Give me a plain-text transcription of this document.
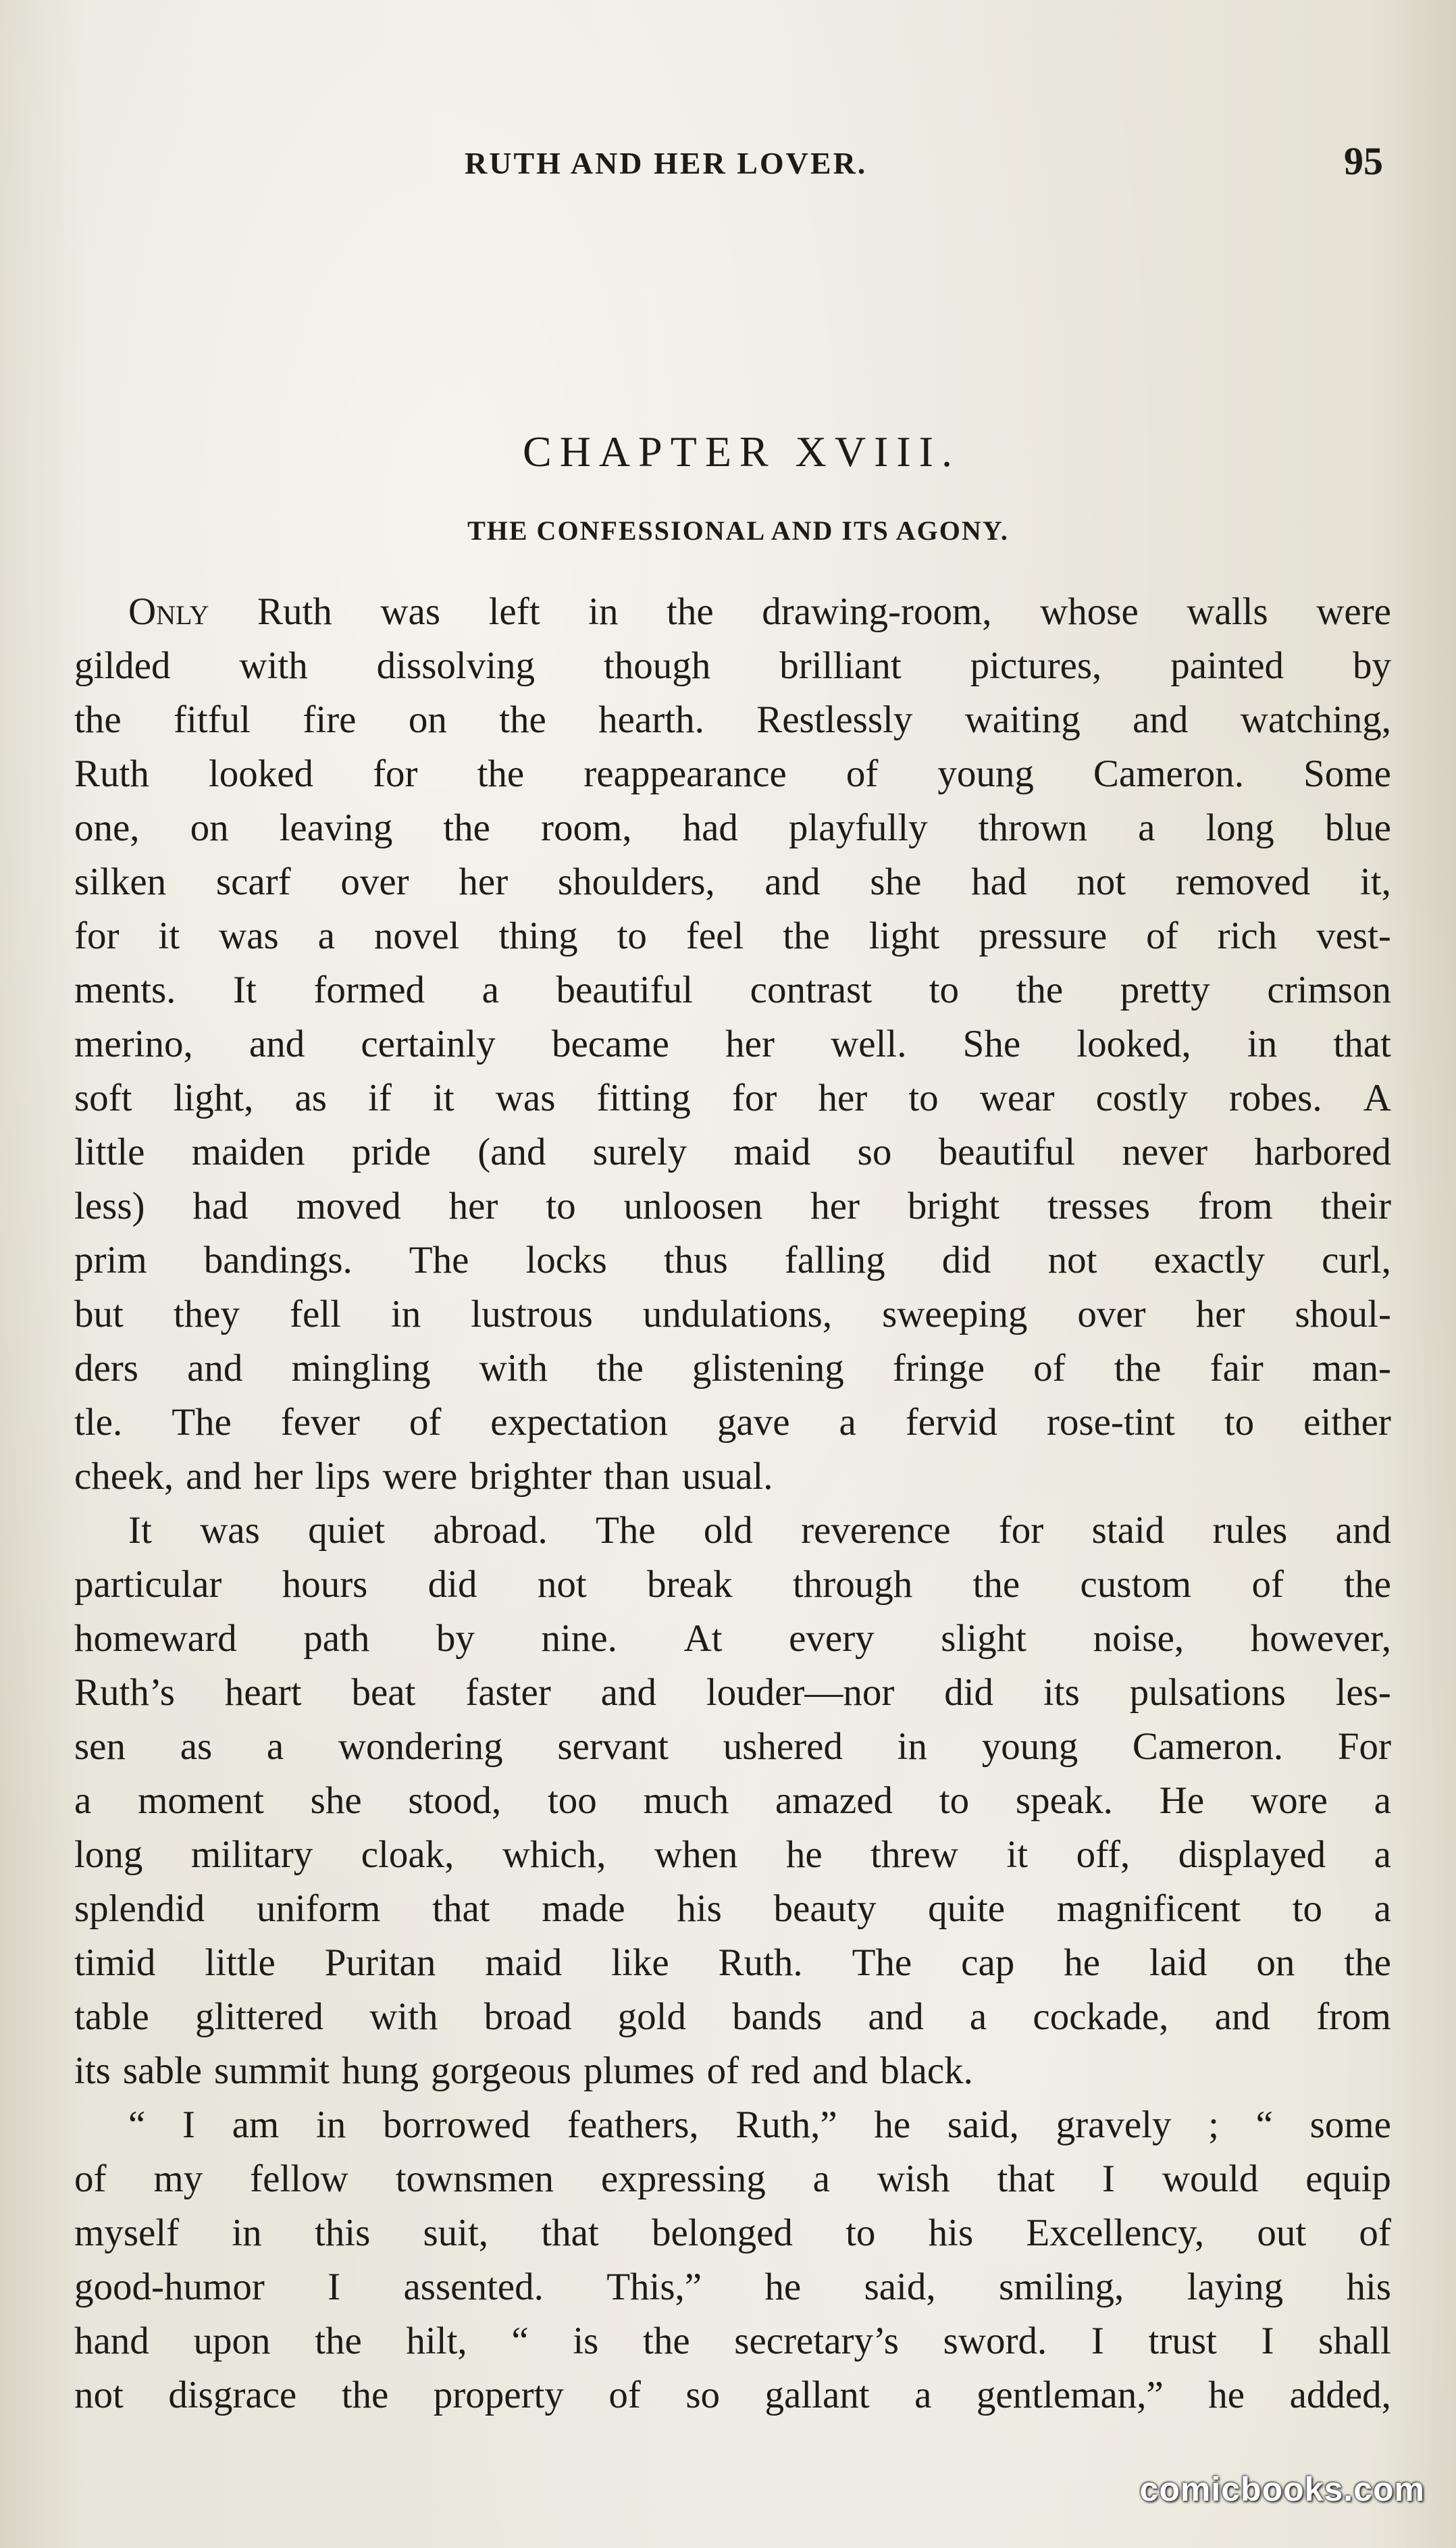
RUTH AND HER LOVER.	95
CHAPTER XVIII.
THE CONFESSIONAL AND ITS AGONY.
Only Ruth was left in the drawing-room, whose walls were
gilded with dissolving though brilliant pictures, painted by
the fitful fire on the hearth. Restlessly waiting and watching,
Ruth looked for the reappearance of young Cameron. Some
one, on leaving the room, had playfully thrown a long blue
silken scarf over her shoulders, and she had not removed it,
for it was a novel thing to feel the light pressure of rich vest-
ments. It formed a beautiful contrast to the pretty crimson
merino, and certainly became her well. She looked, in that
soft light, as if it was fitting for her to wear costly robes. A
little maiden pride (and surely maid so beautiful never harbored
less) had moved her to unloosen her bright tresses from their
prim bandings. The locks thus falling did not exactly curl,
but they fell in lustrous undulations, sweeping over her shoul-
ders and mingling with the glistening fringe of the fair man-
tle. The fever of expectation gave a fervid rose-tint to either
cheek, and her lips were brighter than usual.
It was quiet abroad. The old reverence for staid rules and
particular hours did not break through the custom of the
homeward path by nine. At every slight noise, however,
Ruth’s heart beat faster and louder—nor did its pulsations les-
sen as a wondering servant ushered in young Cameron. For
a moment she stood, too much amazed to speak. He wore a
long military cloak, which, when he threw it off, displayed a
splendid uniform that made his beauty quite magnificent to a
timid little Puritan maid like Ruth. The cap he laid on the
table glittered with broad gold bands and a cockade, and from
its sable summit hung gorgeous plumes of red and black.
“ I am in borrowed feathers, Ruth,” he said, gravely ; “ some
of my fellow townsmen expressing a wish that I would equip
myself in this suit, that belonged to his Excellency, out of
good-humor I assented. This,” he said, smiling, laying his
hand upon the hilt, “ is the secretary’s sword. I trust I shall
not disgrace the property of so gallant a gentleman,” he added,
comicbooks.com
